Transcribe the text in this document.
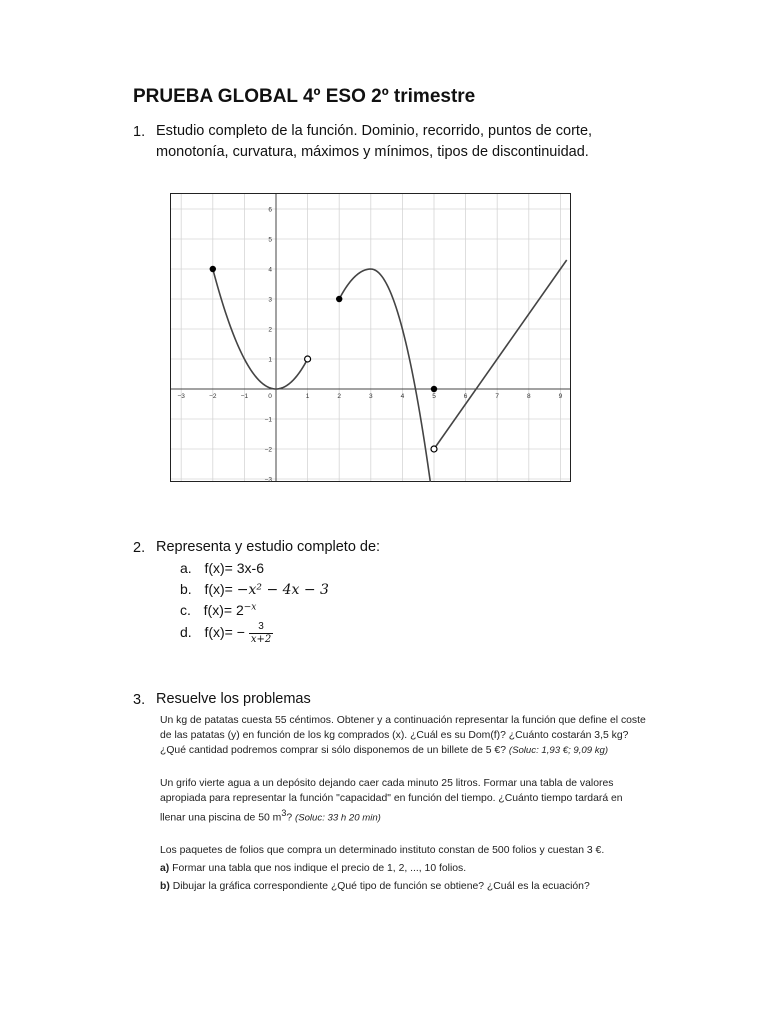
PRUEBA GLOBAL 4º ESO 2º trimestre
1. Estudio completo de la función. Dominio, recorrido, puntos de corte,
monotonía, curvatura, máximos y mínimos, tipos de discontinuidad.
−3	−2	−1	0	1	2	3	4	5	6	7	8	9
6
5
4
3
2
1
−1
−2
−3
2. Representa y estudio completo de:
a. f(x)= 3x-6
b. f(x)= −x² − 4x − 3
c. $f(x)= 2^{-x}$
d. $f(x)= - \frac{3}{x+2}$
3. Resuelve los problemas
Un kg de patatas cuesta 55 céntimos. Obtener y a continuación representar la función que define el coste
de las patatas (y) en función de los kg comprados (x). ¿Cuál es su Dom(f)? ¿Cuánto costarán 3,5 kg?
¿Qué cantidad podremos comprar si sólo disponemos de un billete de 5 €? (Soluc: 1,93 €; 9,09 kg)
Un grifo vierte agua a un depósito dejando caer cada minuto 25 litros. Formar una tabla de valores
apropiada para representar la función "capacidad" en función del tiempo. ¿Cuánto tiempo tardará en
llenar una piscina de 50 $m^3$? (Soluc: 33 h 20 min)
Los paquetes de folios que compra un determinado instituto constan de 500 folios y cuestan 3 €.
a) Formar una tabla que nos indique el precio de 1, 2, ..., 10 folios.
b) Dibujar la gráfica correspondiente ¿Qué tipo de función se obtiene? ¿Cuál es la ecuación?
